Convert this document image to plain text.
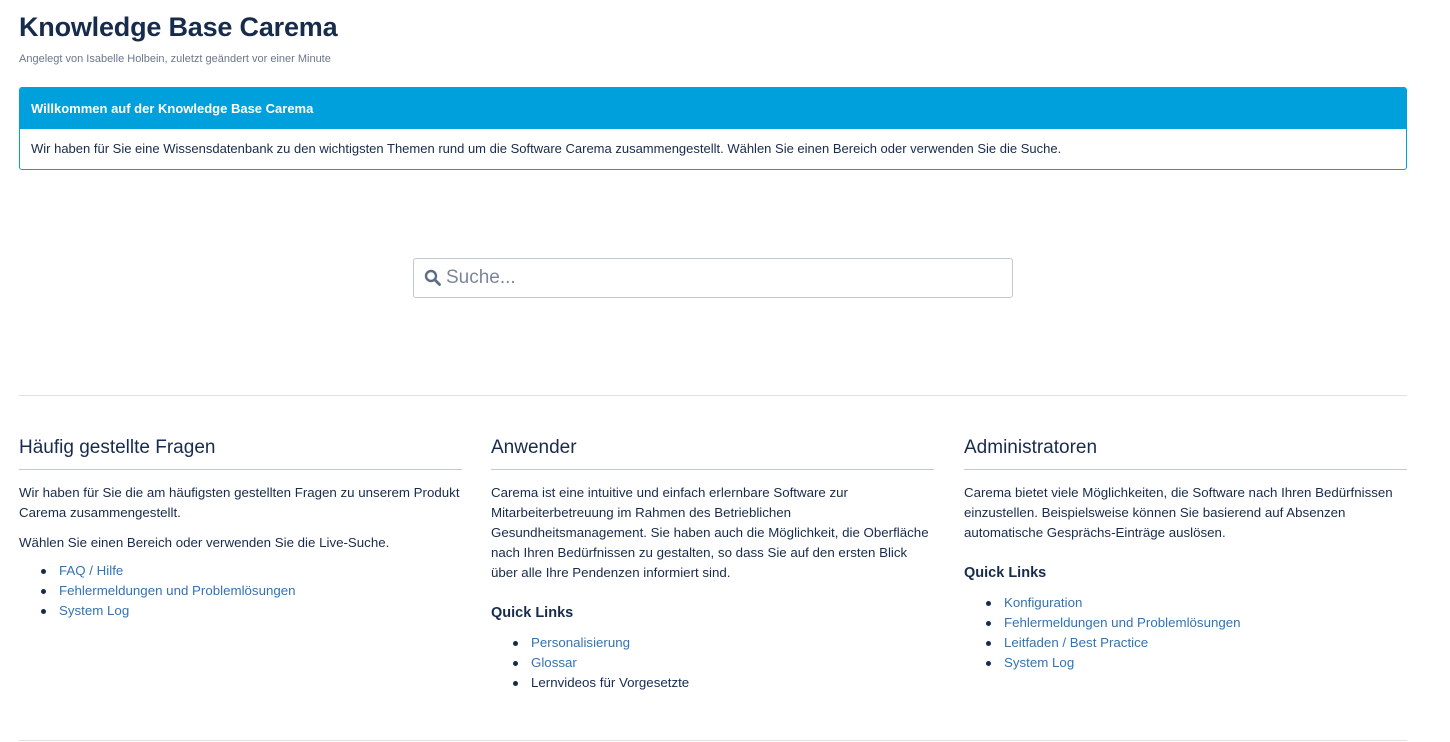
Knowledge Base Carema
Angelegt von Isabelle Holbein, zuletzt geändert vor einer Minute
Willkommen auf der Knowledge Base Carema
Wir haben für Sie eine Wissensdatenbank zu den wichtigsten Themen rund um die Software Carema zusammengestellt. Wählen Sie einen Bereich oder verwenden Sie die Suche.
Suche...
Häufig gestellte Fragen

Wir haben für Sie die am häufigsten gestellten Fragen zu unserem Produkt Carema zusammengestellt.

Wählen Sie einen Bereich oder verwenden Sie die Live-Suche.

FAQ / Hilfe
Fehlermeldungen und Problemlösungen
System Log
Anwender

Carema ist eine intuitive und einfach erlernbare Software zur Mitarbeiterbetreuung im Rahmen des Betrieblichen Gesundheitsmanagement. Sie haben auch die Möglichkeit, die Oberfläche nach Ihren Bedürfnissen zu gestalten, so dass Sie auf den ersten Blick über alle Ihre Pendenzen informiert sind.

Quick Links
Personalisierung
Glossar
Lernvideos für Vorgesetzte
Administratoren

Carema bietet viele Möglichkeiten, die Software nach Ihren Bedürfnissen einzustellen. Beispielsweise können Sie basierend auf Absenzen automatische Gesprächs-Einträge auslösen.

Quick Links
Konfiguration
Fehlermeldungen und Problemlösungen
Leitfaden / Best Practice
System Log
